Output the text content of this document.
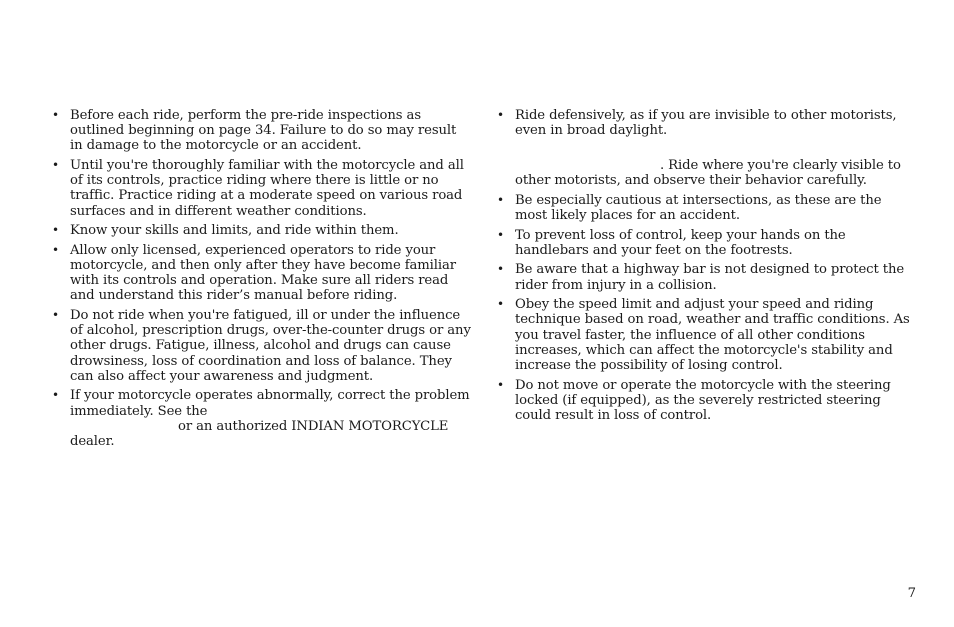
• Before each ride, perform the pre-ride inspections as outlined beginning on page 34. Failure to do so may result in damage to the motorcycle or an accident.
• Until you're thoroughly familiar with the motorcycle and all of its controls, practice riding where there is little or no traffic. Practice riding at a moderate speed on various road surfaces and in different weather conditions.
• Know your skills and limits, and ride within them.
• Allow only licensed, experienced operators to ride your motorcycle, and then only after they have become familiar with its controls and operation. Make sure all riders read and understand this rider’s manual before riding.
• Do not ride when you're fatigued, ill or under the influence of alcohol, prescription drugs, over-the-counter drugs or any other drugs. Fatigue, illness, alcohol and drugs can cause drowsiness, loss of coordination and loss of balance. They can also affect your awareness and judgment.
• If your motorcycle operates abnormally, correct the problem immediately. See the
or an authorized INDIAN MOTORCYCLE
dealer.
• Ride defensively, as if you are invisible to other motorists, even in broad daylight.
. Ride where you're clearly visible to
other motorists, and observe their behavior carefully.
• Be especially cautious at intersections, as these are the most likely places for an accident.
• To prevent loss of control, keep your hands on the handlebars and your feet on the footrests.
• Be aware that a highway bar is not designed to protect the rider from injury in a collision.
• Obey the speed limit and adjust your speed and riding technique based on road, weather and traffic conditions. As you travel faster, the influence of all other conditions increases, which can affect the motorcycle's stability and increase the possibility of losing control.
• Do not move or operate the motorcycle with the steering locked (if equipped), as the severely restricted steering could result in loss of control.
7
